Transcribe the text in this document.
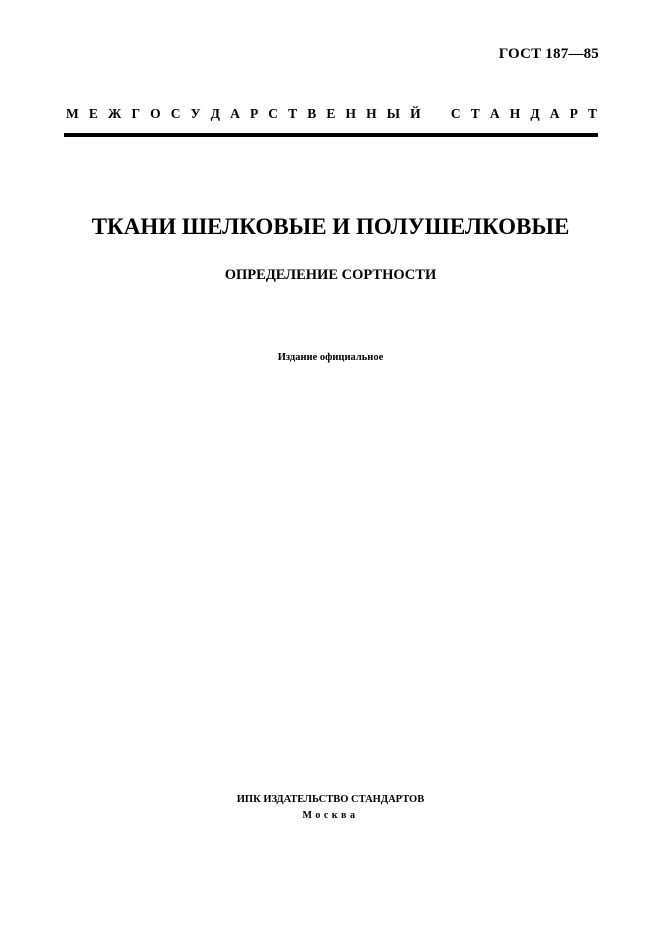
ГОСТ 187—85
М Е Ж Г О С У Д А Р С Т В Е Н Н Ы Й
С Т А Н Д А Р Т
ТКАНИ ШЕЛКОВЫЕ И ПОЛУШЕЛКОВЫЕ
ОПРЕДЕЛЕНИЕ СОРТНОСТИ
Издание официальное
ИПК ИЗДАТЕЛЬСТВО СТАНДАРТОВ
Москва
